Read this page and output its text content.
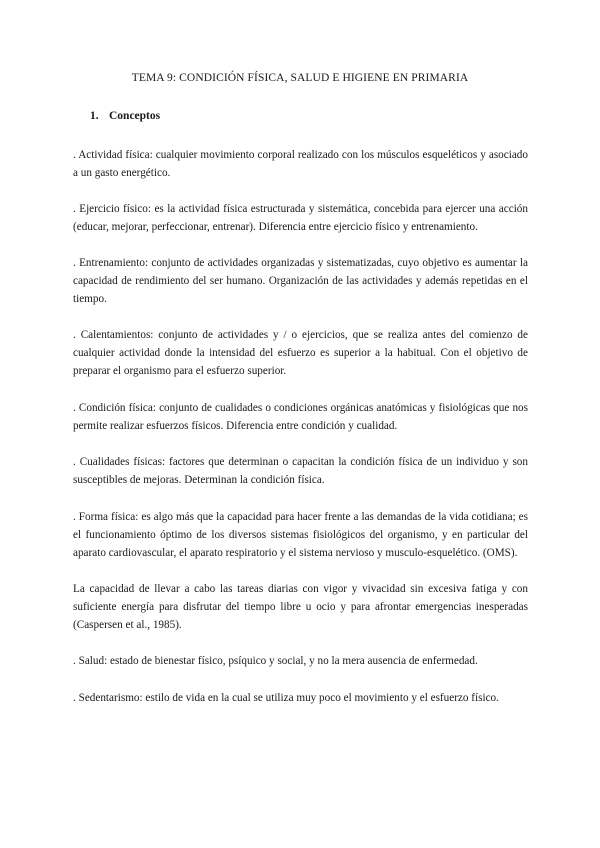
TEMA 9: CONDICIÓN FÍSICA, SALUD E HIGIENE EN PRIMARIA
1. Conceptos

. Actividad física: cualquier movimiento corporal realizado con los músculos esqueléticos y asociado a un gasto energético.

. Ejercicio físico: es la actividad física estructurada y sistemática, concebida para ejercer una acción (educar, mejorar, perfeccionar, entrenar). Diferencia entre ejercicio físico y entrenamiento.

. Entrenamiento: conjunto de actividades organizadas y sistematizadas, cuyo objetivo es aumentar la capacidad de rendimiento del ser humano. Organización de las actividades y además repetidas en el tiempo.

. Calentamientos: conjunto de actividades y / o ejercicios, que se realiza antes del comienzo de cualquier actividad donde la intensidad del esfuerzo es superior a la habitual. Con el objetivo de preparar el organismo para el esfuerzo superior.

. Condición física: conjunto de cualidades o condiciones orgánicas anatómicas y fisiológicas que nos permite realizar esfuerzos físicos. Diferencia entre condición y cualidad.

. Cualidades físicas: factores que determinan o capacitan la condición física de un individuo y son susceptibles de mejoras. Determinan la condición física.

. Forma física: es algo más que la capacidad para hacer frente a las demandas de la vida cotidiana; es el funcionamiento óptimo de los diversos sistemas fisiológicos del organismo, y en particular del aparato cardiovascular, el aparato respiratorio y el sistema nervioso y musculo-esquelético. (OMS).

La capacidad de llevar a cabo las tareas diarias con vigor y vivacidad sin excesiva fatiga y con suficiente energía para disfrutar del tiempo libre u ocio y para afrontar emergencias inesperadas (Caspersen et al., 1985).

. Salud: estado de bienestar físico, psíquico y social, y no la mera ausencia de enfermedad.

. Sedentarismo: estilo de vida en la cual se utiliza muy poco el movimiento y el esfuerzo físico.
